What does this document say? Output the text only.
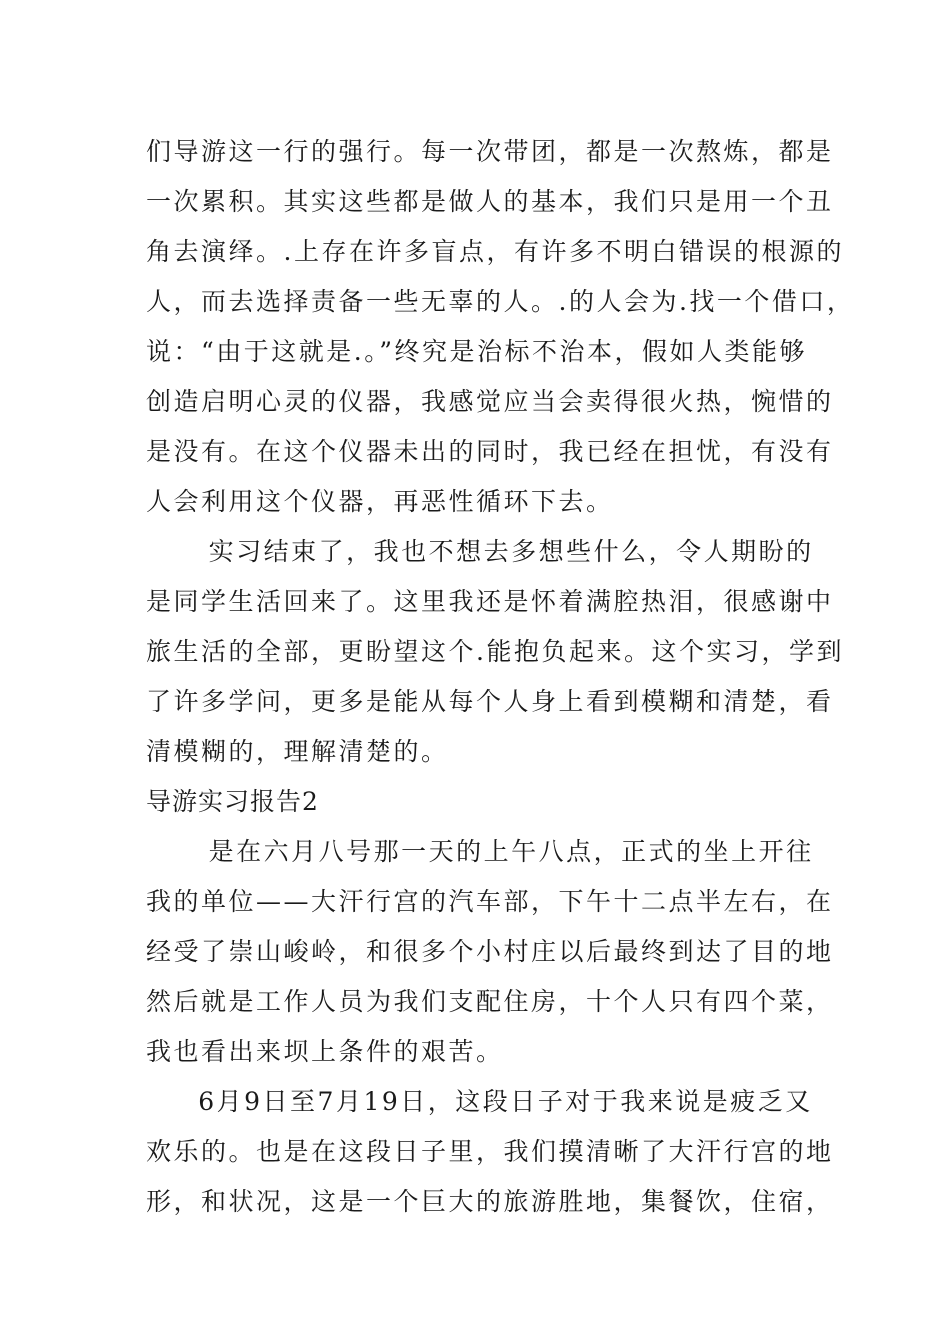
们导游这一行的强行。每一次带团，都是一次熬炼，都是
一次累积。其实这些都是做人的基本，我们只是用一个丑
角去演绎。.上存在许多盲点，有许多不明白错误的根源的
人，而去选择责备一些无辜的人。.的人会为.找一个借口，
说：“由于这就是.。”终究是治标不治本，假如人类能够
创造启明心灵的仪器，我感觉应当会卖得很火热，惋惜的
是没有。在这个仪器未出的同时，我已经在担忧，有没有
人会利用这个仪器，再恶性循环下去。
实习结束了，我也不想去多想些什么，令人期盼的
是同学生活回来了。这里我还是怀着满腔热泪，很感谢中
旅生活的全部，更盼望这个.能抱负起来。这个实习，学到
了许多学问，更多是能从每个人身上看到模糊和清楚，看
清模糊的，理解清楚的。
导游实习报告2
是在六月八号那一天的上午八点，正式的坐上开往
我的单位——大汗行宫的汽车部，下午十二点半左右，在
经受了崇山峻岭，和很多个小村庄以后最终到达了目的地
然后就是工作人员为我们支配住房，十个人只有四个菜，
我也看出来坝上条件的艰苦。
6月9日至7月19日，这段日子对于我来说是疲乏又
欢乐的。也是在这段日子里，我们摸清晰了大汗行宫的地
形，和状况，这是一个巨大的旅游胜地，集餐饮，住宿，
